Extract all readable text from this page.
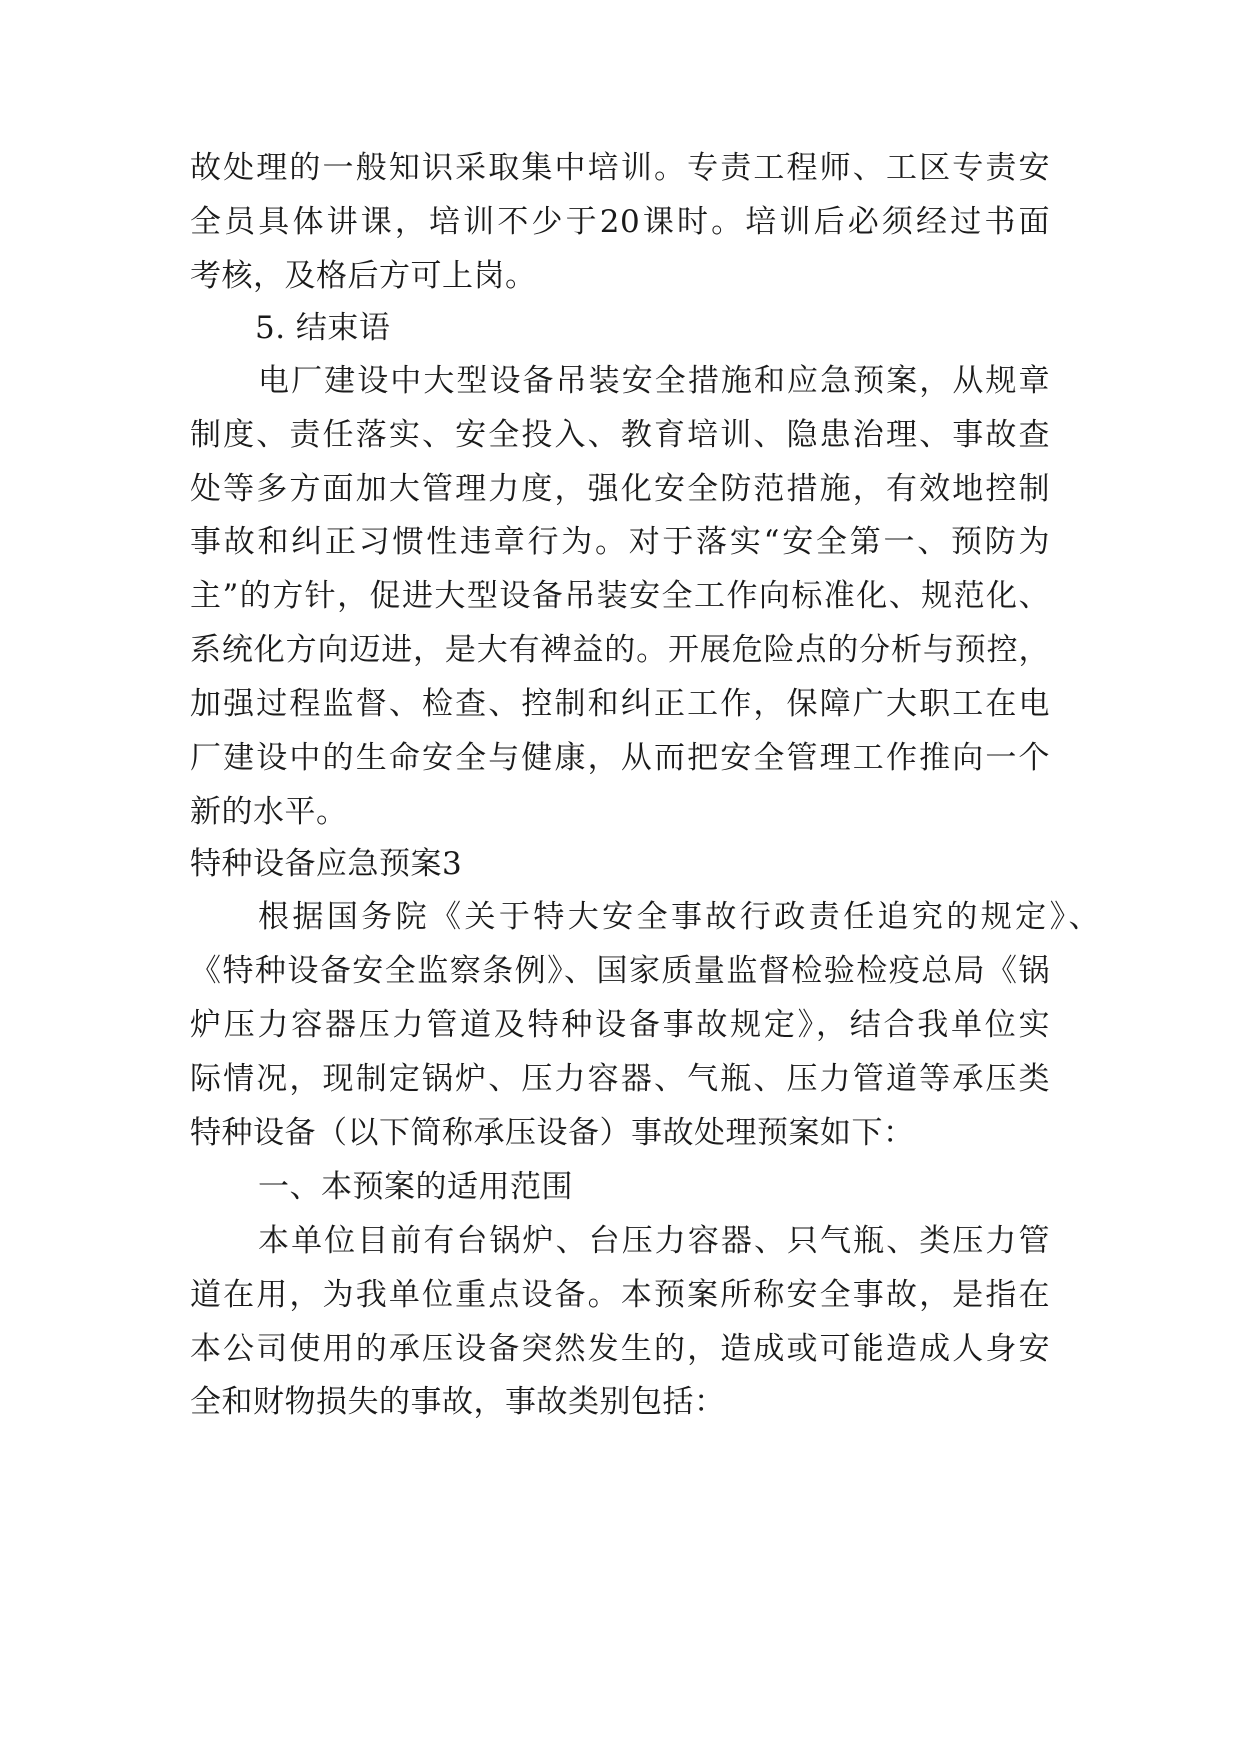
故处理的一般知识采取集中培训。专责工程师、工区专责安
全员具体讲课，培训不少于20课时。培训后必须经过书面
考核，及格后方可上岗。
5. 结束语
电厂建设中大型设备吊装安全措施和应急预案，从规章
制度、责任落实、安全投入、教育培训、隐患治理、事故查
处等多方面加大管理力度，强化安全防范措施，有效地控制
事故和纠正习惯性违章行为。对于落实“安全第一、预防为
主”的方针，促进大型设备吊装安全工作向标准化、规范化、
系统化方向迈进，是大有裨益的。开展危险点的分析与预控，
加强过程监督、检查、控制和纠正工作，保障广大职工在电
厂建设中的生命安全与健康，从而把安全管理工作推向一个
新的水平。
特种设备应急预案3
根据国务院《关于特大安全事故行政责任追究的规定》、
《特种设备安全监察条例》、国家质量监督检验检疫总局《锅
炉压力容器压力管道及特种设备事故规定》，结合我单位实
际情况，现制定锅炉、压力容器、气瓶、压力管道等承压类
特种设备（以下简称承压设备）事故处理预案如下：
一、本预案的适用范围
本单位目前有台锅炉、台压力容器、只气瓶、类压力管
道在用，为我单位重点设备。本预案所称安全事故，是指在
本公司使用的承压设备突然发生的，造成或可能造成人身安
全和财物损失的事故，事故类别包括：
